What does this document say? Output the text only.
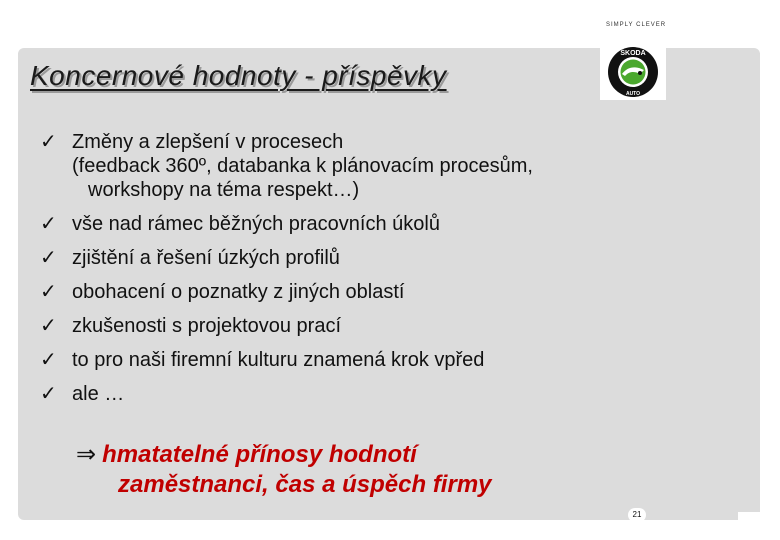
SIMPLY CLEVER
Koncernové hodnoty - příspěvky
ŠKODA
AUTO
✓ Změny a zlepšení v procesech
(feedback 360º, databanka k plánovacím procesům,
workshopy na téma respekt…)
✓ vše nad rámec běžných pracovních úkolů
✓ zjištění a řešení úzkých profilů
✓ obohacení o poznatky z jiných oblastí
✓ zkušenosti s projektovou prací
✓ to pro naši firemní kulturu znamená krok vpřed
✓ ale …
⇒ hmatatelné přínosy hodnotí
zaměstnanci, čas a úspěch firmy
21
